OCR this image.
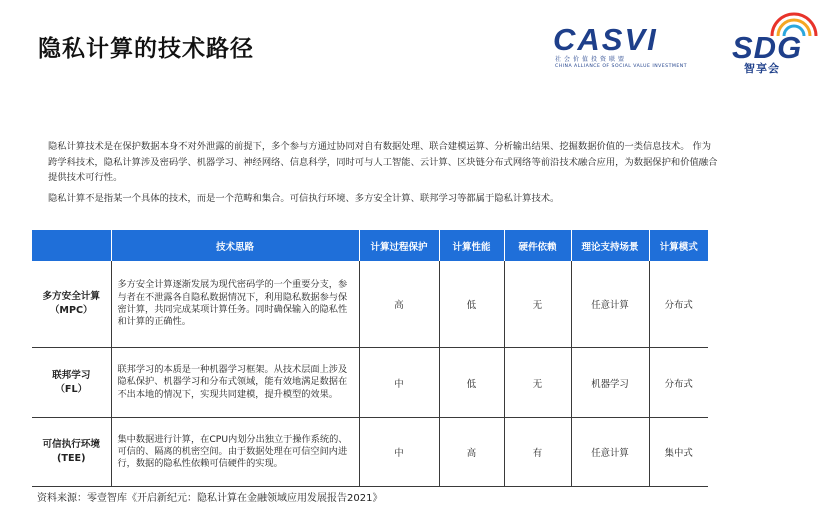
隐私计算的技术路径	CASVI
社会价值投资联盟
CHINA ALLIANCE OF SOCIAL VALUE INVESTMENT
SDG
智享会

隐私计算技术是在保护数据本身不对外泄露的前提下，多个参与方通过协同对自有数据处理、联合建模运算、分析输出结果、挖掘数据价值的一类信息技术。 作为跨学科技术，隐私计算涉及密码学、机器学习、神经网络、信息科学，同时可与人工智能、云计算、区块链分布式网络等前沿技术融合应用，为数据保护和价值融合提供技术可行性。

隐私计算不是指某一个具体的技术，而是一个范畴和集合。可信执行环境、多方安全计算、联邦学习等都属于隐私计算技术。

	技术思路	计算过程保护	计算性能	硬件依赖	理论支持场景	计算模式

多方安全计算
（MPC）	多方安全计算逐渐发展为现代密码学的一个重要分支，参与者在不泄露各自隐私数据情况下，利用隐私数据参与保密计算，共同完成某项计算任务。同时确保输入的隐私性和计算的正确性。	高	低	无	任意计算	分布式

联邦学习
（FL）	联邦学习的本质是一种机器学习框架。从技术层面上涉及隐私保护、机器学习和分布式领域，能有效地满足数据在不出本地的情况下，实现共同建模，提升模型的效果。	中	低	无	机器学习	分布式

可信执行环境
(TEE)	集中数据进行计算，在CPU内划分出独立于操作系统的、可信的、隔离的机密空间。由于数据处理在可信空间内进行，数据的隐私性依赖可信硬件的实现。	中	高	有	任意计算	集中式
资料来源：零壹智库《开启新纪元：隐私计算在金融领域应用发展报告2021》
